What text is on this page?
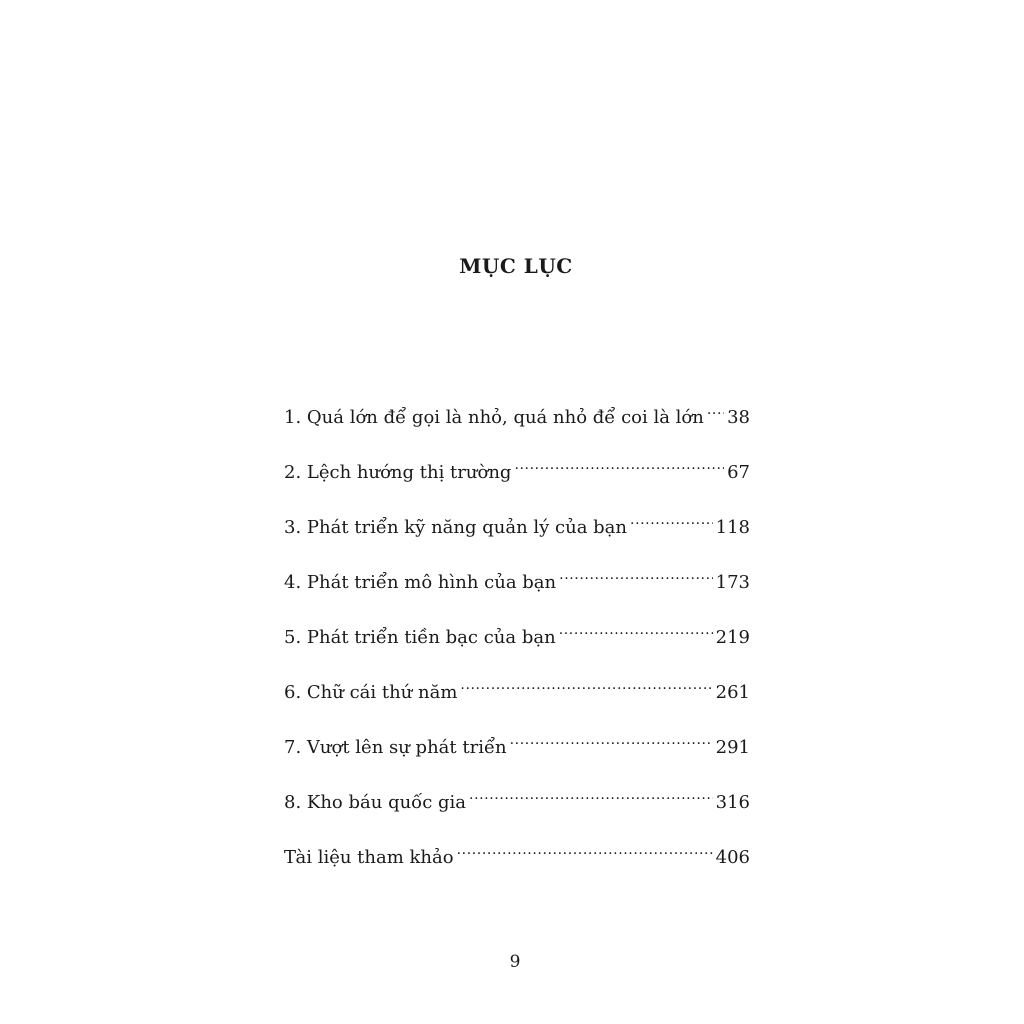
MỤC LỤC
1. Quá lớn để gọi là nhỏ, quá nhỏ để coi là lớn ..... 38
2. Lệch hướng thị trường .....	67
3. Phát triển kỹ năng quản lý của bạn .....	118
4. Phát triển mô hình của bạn .....	173
5. Phát triển tiền bạc của bạn .....	219
6. Chữ cái thứ năm .....	261
7. Vượt lên sự phát triển .....	291
8. Kho báu quốc gia .....	316
Tài liệu tham khảo .....	406
9
